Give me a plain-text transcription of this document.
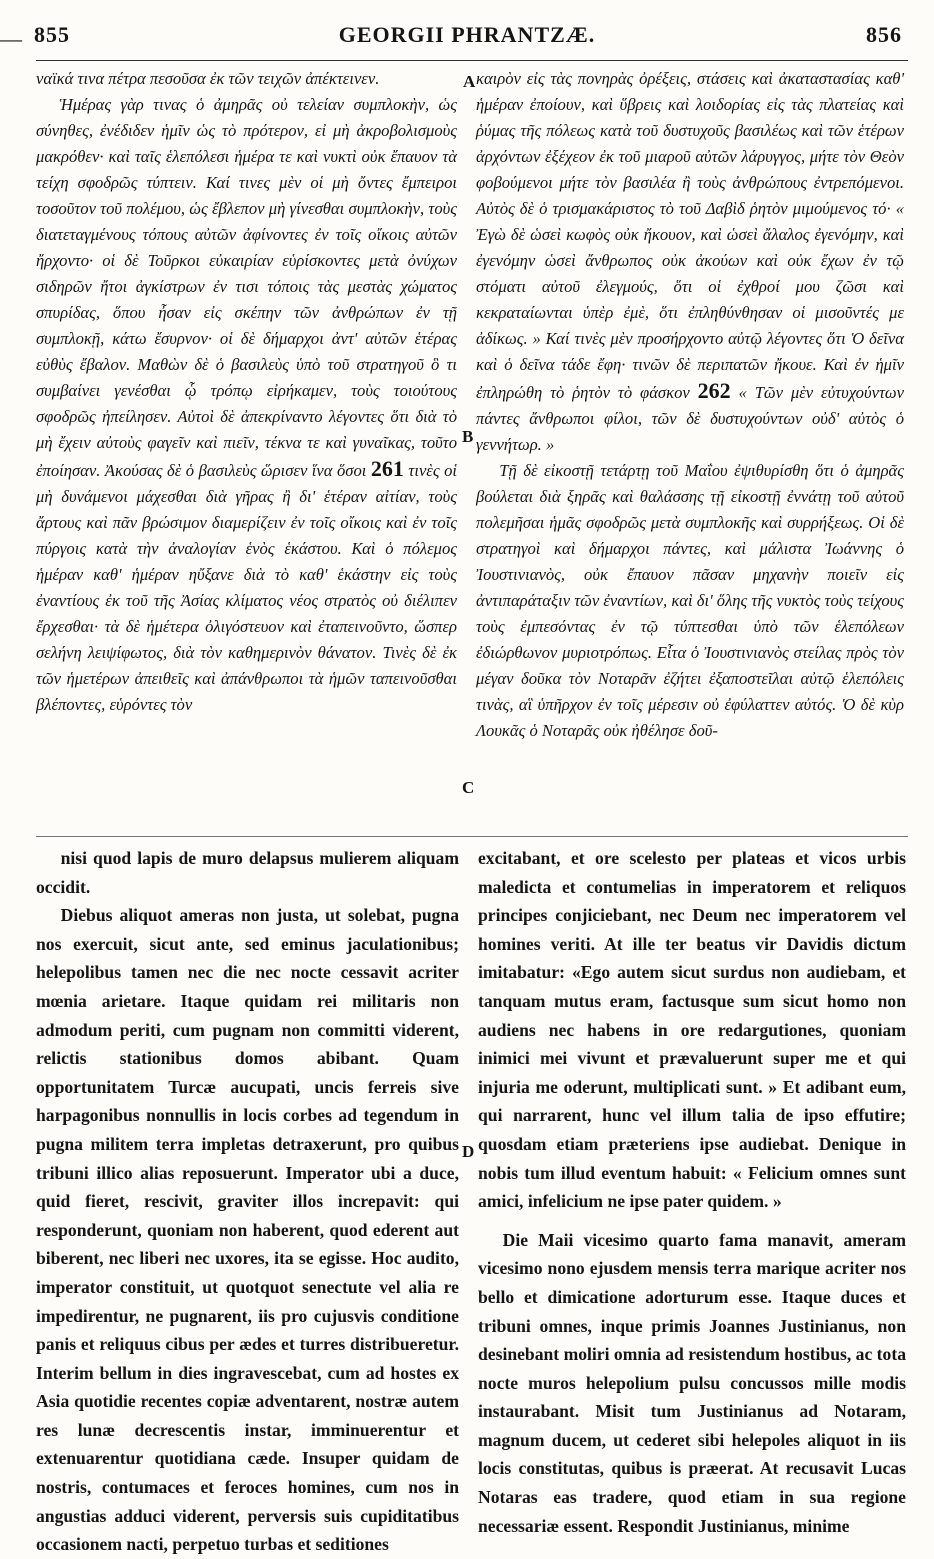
— 855	GEORGII PHRANTZÆ.	856

ναϊκά τινα πέτρα πεσοῦσα ἐκ τῶν τειχῶν ἀπέκτεινεν.

Ἡμέρας γὰρ τινας ὁ ἀμηρᾶς οὐ τελείαν συμπλοκὴν, ὡς σύνηθες, ἐνέδιδεν ἡμῖν ὡς τὸ πρότερον, εἰ μὴ ἀκροβολισμοὺς μακρόθεν· καὶ ταῖς ἑλεπόλεσι ἡμέρα τε καὶ νυκτὶ οὐκ ἔπαυον τὰ τείχη σφοδρῶς τύπτειν. Καί τινες μὲν οἱ μὴ ὄντες ἔμπειροι τοσοῦτον τοῦ πολέμου, ὡς ἔβλεπον μὴ γίνεσθαι συμπλοκὴν, τοὺς διατεταγμένους τόπους αὐτῶν ἀφίνοντες ἐν τοῖς οἴκοις αὐτῶν ἤρχοντο· οἱ δὲ Τοῦρκοι εὐκαιρίαν εὑρίσκοντες μετὰ ὀνύχων σιδηρῶν ἤτοι ἀγκίστρων ἐν τισι τόποις τὰς μεστὰς χώματος σπυρίδας, ὅπου ἦσαν εἰς σκέπην τῶν ἀνθρώπων ἐν τῇ συμπλοκῇ, κάτω ἔσυρνον· οἱ δὲ δήμαρχοι ἀντ' αὐτῶν ἑτέρας εὐθὺς ἔβαλον. Μαθὼν δὲ ὁ βασιλεὺς ὑπὸ τοῦ στρατηγοῦ ὃ τι συμβαίνει γενέσθαι ᾧ τρόπῳ εἰρήκαμεν, τοὺς τοιούτους σφοδρῶς ἠπείλησεν. Αὐτοὶ δὲ ἀπεκρίναντο λέγοντες ὅτι διὰ τὸ μὴ ἔχειν αὐτοὺς φαγεῖν καὶ πιεῖν, τέκνα τε καὶ γυναῖκας, τοῦτο ἐποίησαν. Ἀκούσας δὲ ὁ βασιλεὺς ὥρισεν ἵνα ὅσοι 261 τινὲς οἱ μὴ δυνάμενοι μάχεσθαι διὰ γῆρας ἢ δι' ἑτέραν αἰτίαν, τοὺς ἄρτους καὶ πᾶν βρώσιμον διαμερίζειν ἐν τοῖς οἴκοις καὶ ἐν τοῖς πύργοις κατὰ τὴν ἀναλογίαν ἑνὸς ἑκάστου. Καὶ ὁ πόλεμος ἡμέραν καθ' ἡμέραν ηὔξανε διὰ τὸ καθ' ἑκάστην εἰς τοὺς ἐναντίους ἐκ τοῦ τῆς Ἀσίας κλίματος νέος στρατὸς οὐ διέλιπεν ἔρχεσθαι· τὰ δὲ ἡμέτερα ὀλιγόστευον καὶ ἐταπεινοῦντο, ὥσπερ σελήνη λειψίφωτος, διὰ τὸν καθημερινὸν θάνατον. Τινὲς δὲ ἐκ τῶν ἡμετέρων ἀπειθεῖς καὶ ἀπάνθρωποι τὰ ἡμῶν ταπεινοῦσθαι βλέποντες, εὑρόντες τὸν

καιρὸν εἰς τὰς πονηρὰς ὀρέξεις, στάσεις καὶ ἀκαταστασίας καθ' ἡμέραν ἐποίουν, καὶ ὕβρεις καὶ λοιδορίας εἰς τὰς πλατείας καὶ ῥύμας τῆς πόλεως κατὰ τοῦ δυστυχοῦς βασιλέως καὶ τῶν ἑτέρων ἀρχόντων ἐξέχεον ἐκ τοῦ μιαροῦ αὐτῶν λάρυγγος, μήτε τὸν Θεὸν φοβούμενοι μήτε τὸν βασιλέα ἢ τοὺς ἀνθρώπους ἐντρεπόμενοι. Αὐτὸς δὲ ὁ τρισμακάριστος τὸ τοῦ Δαβὶδ ῥητὸν μιμούμενος τό· « Ἐγὼ δὲ ὡσεὶ κωφὸς οὐκ ἤκουον, καὶ ὡσεὶ ἄλαλος ἐγενόμην, καὶ ἐγενόμην ὡσεὶ ἄνθρωπος οὐκ ἀκούων καὶ οὐκ ἔχων ἐν τῷ στόματι αὐτοῦ ἐλεγμούς, ὅτι οἱ ἐχθροί μου ζῶσι καὶ κεκραταίωνται ὑπὲρ ἐμὲ, ὅτι ἐπληθύνθησαν οἱ μισοῦντές με ἀδίκως. » Καί τινὲς μὲν προσήρχοντο αὐτῷ λέγοντες ὅτι Ὁ δεῖνα καὶ ὁ δεῖνα τάδε ἔφη· τινῶν δὲ περιπατῶν ἤκουε. Καὶ ἐν ἡμῖν ἐπληρώθη τὸ ῥητὸν τὸ φάσκον 262 « Τῶν μὲν εὐτυχούντων πάντες ἄνθρωποι φίλοι, τῶν δὲ δυστυχούντων οὐδ' αὐτὸς ὁ γεννήτωρ. »

Τῇ δὲ εἰκοστῇ τετάρτῃ τοῦ Μαΐου ἐψιθυρίσθη ὅτι ὁ ἀμηρᾶς βούλεται διὰ ξηρᾶς καὶ θαλάσσης τῇ εἰκοστῇ ἐννάτῃ τοῦ αὐτοῦ πολεμῆσαι ἡμᾶς σφοδρῶς μετὰ συμπλοκῆς καὶ συρρήξεως. Οἱ δὲ στρατηγοὶ καὶ δήμαρχοι πάντες, καὶ μάλιστα Ἰωάννης ὁ Ἰουστινιανὸς, οὐκ ἔπαυον πᾶσαν μηχανὴν ποιεῖν εἰς ἀντιπαράταξιν τῶν ἐναντίων, καὶ δι' ὅλης τῆς νυκτὸς τοὺς τείχους τοὺς ἐμπεσόντας ἐν τῷ τύπτεσθαι ὑπὸ τῶν ἑλεπόλεων ἐδιώρθωνον μυριοτρόπως. Εἶτα ὁ Ἰουστινιανὸς στείλας πρὸς τὸν μέγαν δοῦκα τὸν Νοταρᾶν ἐζήτει ἐξαποστεῖλαι αὐτῷ ἑλεπόλεις τινὰς, αἳ ὑπῆρχον ἐν τοῖς μέρεσιν οὐ ἐφύλαττεν αὐτός. Ὁ δὲ κὺρ Λουκᾶς ὁ Νοταρᾶς οὐκ ἠθέλησε δοῦ-

A
B
C
D

nisi quod lapis de muro delapsus mulierem aliquam occidit.

Diebus aliquot ameras non justa, ut solebat, pugna nos exercuit, sicut ante, sed eminus jaculationibus; helepolibus tamen nec die nec nocte cessavit acriter mœnia arietare. Itaque quidam rei militaris non admodum periti, cum pugnam non committi viderent, relictis stationibus domos abibant. Quam opportunitatem Turcæ aucupati, uncis ferreis sive harpagonibus nonnullis in locis corbes ad tegendum in pugna militem terra impletas detraxerunt, pro quibus tribuni illico alias reposuerunt. Imperator ubi a duce, quid fieret, rescivit, graviter illos increpavit: qui responderunt, quoniam non haberent, quod ederent aut biberent, nec liberi nec uxores, ita se egisse. Hoc audito, imperator constituit, ut quotquot senectute vel alia re impedirentur, ne pugnarent, iis pro cujusvis conditione panis et reliquus cibus per ædes et turres distribueretur. Interim bellum in dies ingravescebat, cum ad hostes ex Asia quotidie recentes copiæ adventarent, nostræ autem res lunæ decrescentis instar, imminuerentur et extenuarentur quotidiana cæde. Insuper quidam de nostris, contumaces et feroces homines, cum nos in angustias adduci viderent, perversis suis cupiditatibus occasionem nacti, perpetuo turbas et seditiones

excitabant, et ore scelesto per plateas et vicos urbis maledicta et contumelias in imperatorem et reliquos principes conjiciebant, nec Deum nec imperatorem vel homines veriti. At ille ter beatus vir Davidis dictum imitabatur: «Ego autem sicut surdus non audiebam, et tanquam mutus eram, factusque sum sicut homo non audiens nec habens in ore redargutiones, quoniam inimici mei vivunt et prævaluerunt super me et qui injuria me oderunt, multiplicati sunt. » Et adibant eum, qui narrarent, hunc vel illum talia de ipso effutire; quosdam etiam præteriens ipse audiebat. Denique in nobis tum illud eventum habuit: « Felicium omnes sunt amici, infelicium ne ipse pater quidem. »

Die Maii vicesimo quarto fama manavit, ameram vicesimo nono ejusdem mensis terra marique acriter nos bello et dimicatione adorturum esse. Itaque duces et tribuni omnes, inque primis Joannes Justinianus, non desinebant moliri omnia ad resistendum hostibus, ac tota nocte muros helepolium pulsu concussos mille modis instaurabant. Misit tum Justinianus ad Notaram, magnum ducem, ut cederet sibi helepoles aliquot in iis locis constitutas, quibus is præerat. At recusavit Lucas Notaras eas tradere, quod etiam in sua regione necessariæ essent. Respondit Justinianus, minime
